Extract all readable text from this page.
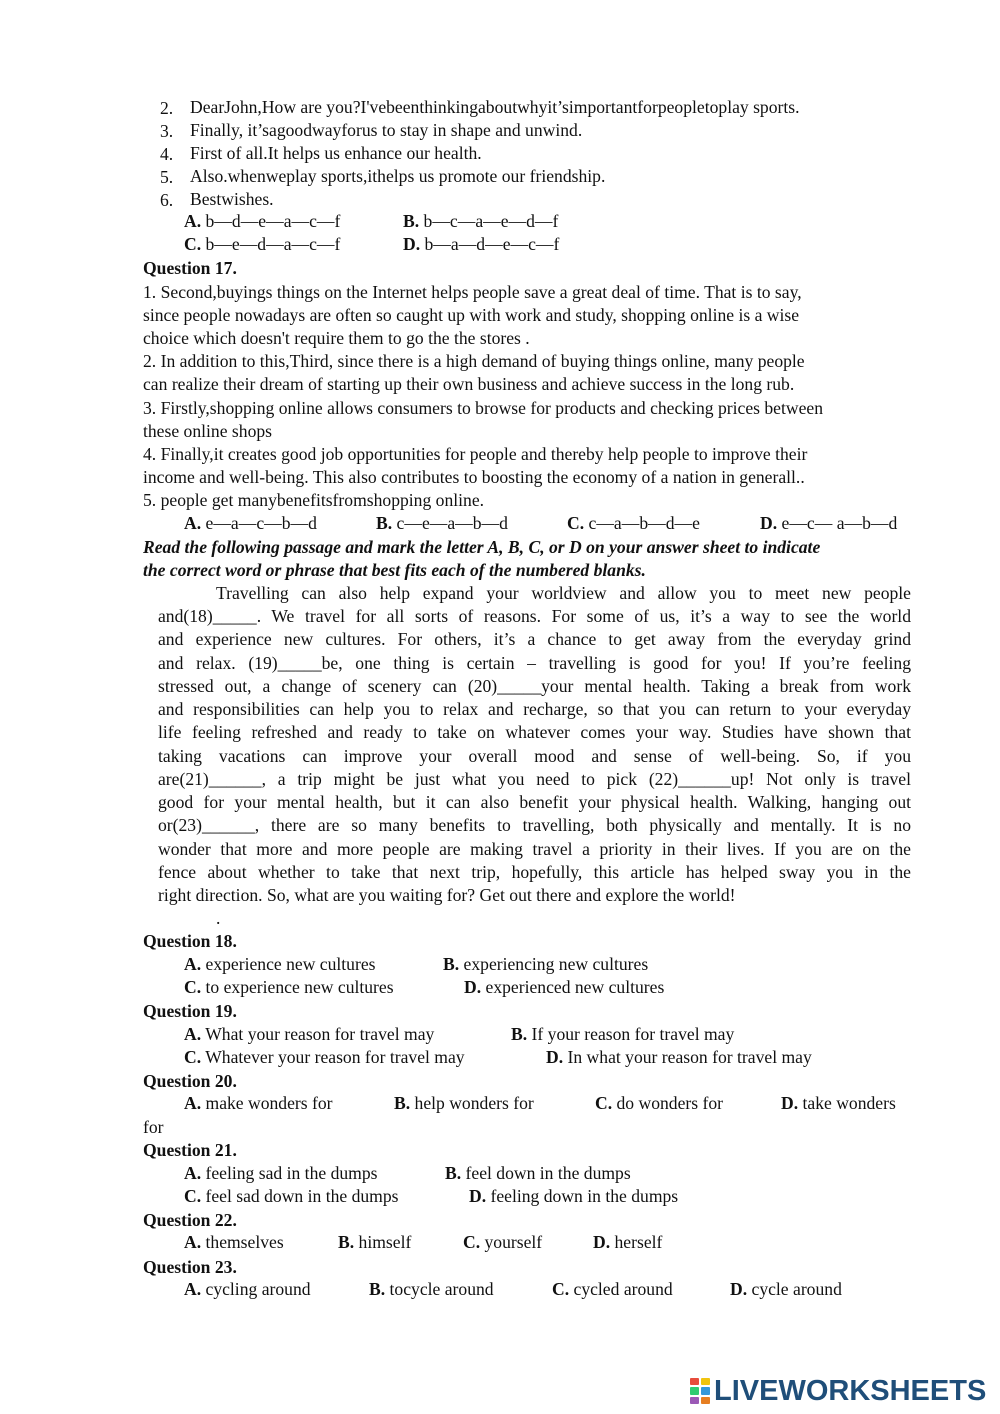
2. DearJohn,How are you?I'vebeenthinkingaboutwhyit’simportantforpeopletoplay sports.
3. Finally, it’sagoodwayforus to stay in shape and unwind.
4. First of all.It helps us enhance our health.
5. Also.whenweplay sports,ithelps us promote our friendship.
6. Bestwishes.
A. b—d—e—a—c—f	B. b—c—a—e—d—f
C. b—e—d—a—c—f	D. b—a—d—e—c—f
Question 17.
1. Second,buyings things on the Internet helps people save a great deal of time. That is to say,
since people nowadays are often so caught up with work and study, shopping online is a wise
choice which doesn't require them to go the the stores .
2. In addition to this,Third, since there is a high demand of buying things online, many people
can realize their dream of starting up their own business and achieve success in the long rub.
3. Firstly,shopping online allows consumers to browse for products and checking prices between
these online shops
4. Finally,it creates good job opportunities for people and thereby help people to improve their
income and well-being. This also contributes to boosting the economy of a nation in generall..
5. people get manybenefitsfromshopping online.
A. e—a—c—b—d	B. c—e—a—b—d	C. c—a—b—d—e	D. e—c— a—b—d
Read the following passage and mark the letter A, B, C, or D on your answer sheet to indicate
the correct word or phrase that best fits each of the numbered blanks.
Travelling can also help expand your worldview and allow you to meet new people
and(18)_____. We travel for all sorts of reasons. For some of us, it’s a way to see the world
and experience new cultures. For others, it’s a chance to get away from the everyday grind
and relax. (19)_____be, one thing is certain – travelling is good for you! If you’re feeling
stressed out, a change of scenery can (20)_____your mental health. Taking a break from work
and responsibilities can help you to relax and recharge, so that you can return to your everyday
life feeling refreshed and ready to take on whatever comes your way. Studies have shown that
taking vacations can improve your overall mood and sense of well-being. So, if you
are(21)______, a trip might be just what you need to pick (22)______up! Not only is travel
good for your mental health, but it can also benefit your physical health. Walking, hanging out
or(23)______, there are so many benefits to travelling, both physically and mentally. It is no
wonder that more and more people are making travel a priority in their lives. If you are on the
fence about whether to take that next trip, hopefully, this article has helped sway you in the
right direction. So, what are you waiting for? Get out there and explore the world!
.
Question 18.
A. experience new cultures	B. experiencing new cultures
C. to experience new cultures	D. experienced new cultures
Question 19.
A. What your reason for travel may	B. If your reason for travel may
C. Whatever your reason for travel may	D. In what your reason for travel may
Question 20.
A. make wonders for	B. help wonders for	C. do wonders for	D. take wonders
for
Question 21.
A. feeling sad in the dumps	B. feel down in the dumps
C. feel sad down in the dumps	D. feeling down in the dumps
Question 22.
A. themselves	B. himself	C. yourself	D. herself
Question 23.
A. cycling around	B. tocycle around	C. cycled around	D. cycle around
LIVEWORKSHEETS
